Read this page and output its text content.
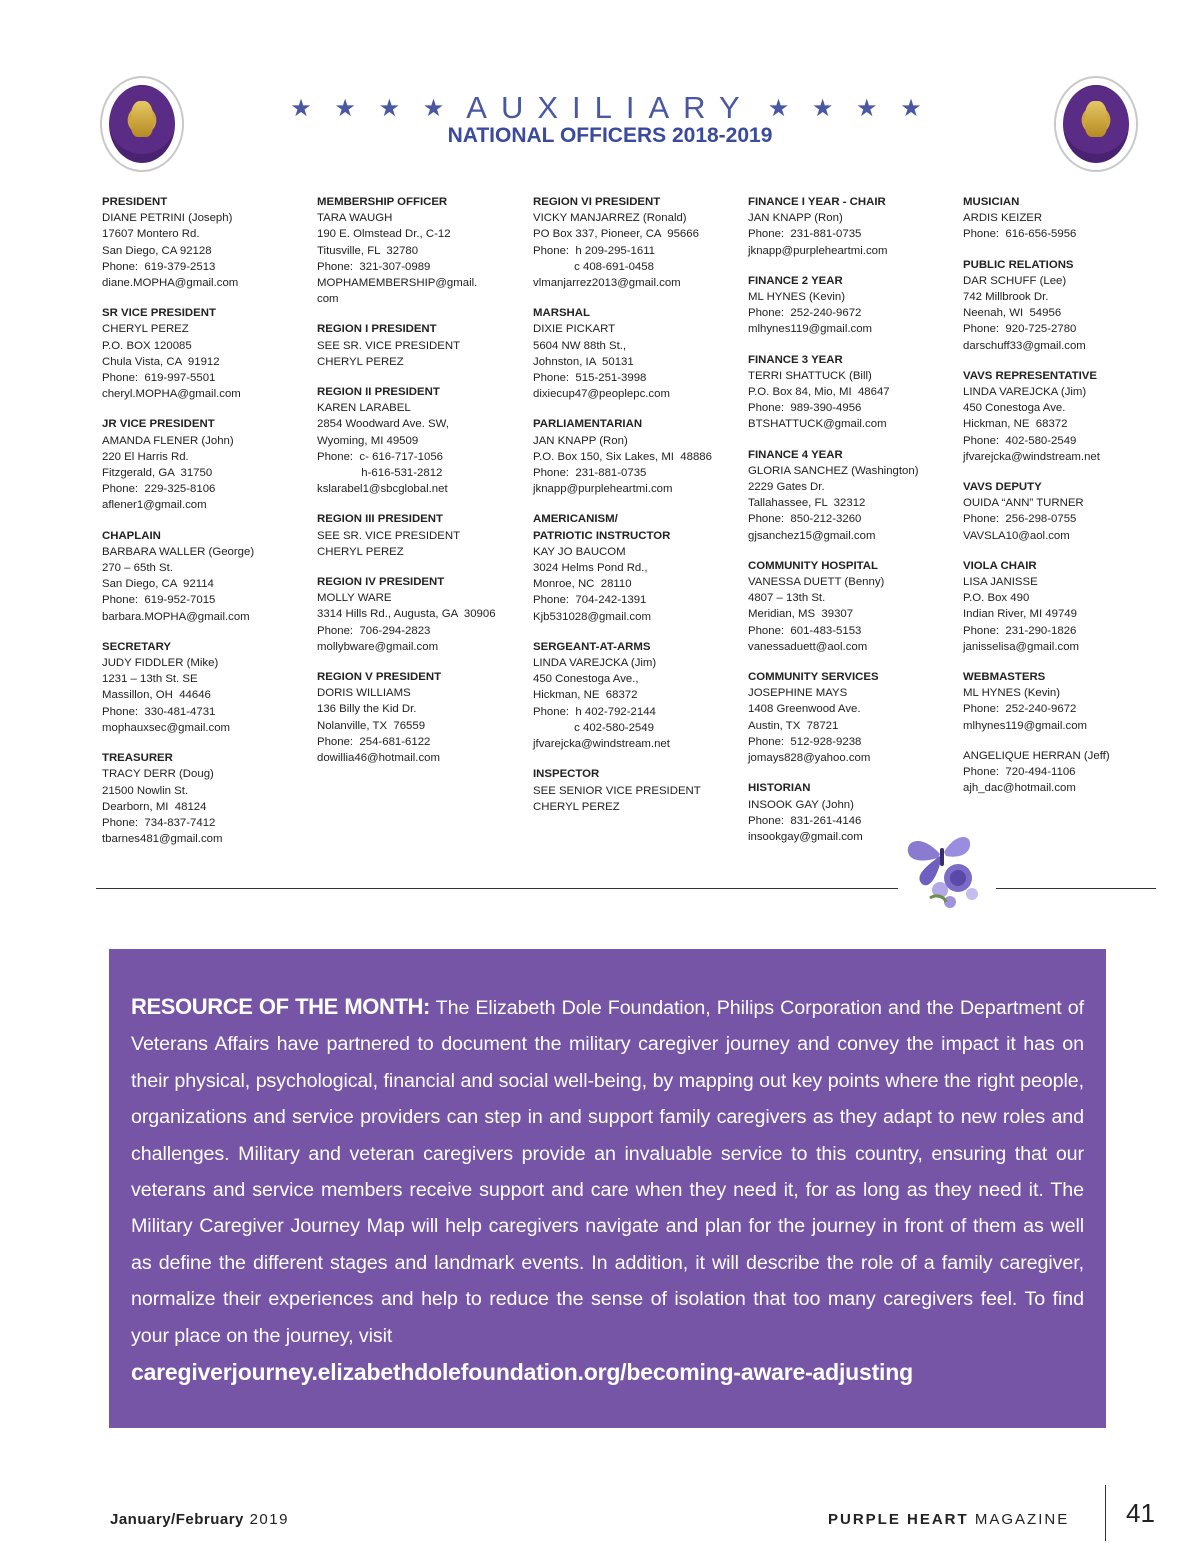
★ ★ ★ ★ AUXILIARY ★ ★ ★ ★
NATIONAL OFFICERS 2018-2019
PRESIDENT
DIANE PETRINI (Joseph)
17607 Montero Rd.
San Diego, CA 92128
Phone:  619-379-2513
diane.MOPHA@gmail.com
SR VICE PRESIDENT
CHERYL PEREZ
P.O. BOX 120085
Chula Vista, CA  91912
Phone:  619-997-5501
cheryl.MOPHA@gmail.com
JR VICE PRESIDENT
AMANDA FLENER (John)
220 El Harris Rd.
Fitzgerald, GA  31750
Phone:  229-325-8106
aflener1@gmail.com
CHAPLAIN
BARBARA WALLER (George)
270 – 65th St.
San Diego, CA  92114
Phone:  619-952-7015
barbara.MOPHA@gmail.com
SECRETARY
JUDY FIDDLER (Mike)
1231 – 13th St. SE
Massillon, OH  44646
Phone:  330-481-4731
mophauxsec@gmail.com
TREASURER
TRACY DERR (Doug)
21500 Nowlin St.
Dearborn, MI  48124
Phone:  734-837-7412
tbarnes481@gmail.com
MEMBERSHIP OFFICER
TARA WAUGH
190 E. Olmstead Dr., C-12
Titusville, FL  32780
Phone:  321-307-0989
MOPHAMEMBERSHIP@gmail.
com
REGION I PRESIDENT
SEE SR. VICE PRESIDENT
CHERYL PEREZ
REGION II PRESIDENT
KAREN LARABEL
2854 Woodward Ave. SW,
Wyoming, MI 49509
Phone:  c- 616-717-1056
h-616-531-2812
kslarabel1@sbcglobal.net
REGION III PRESIDENT
SEE SR. VICE PRESIDENT
CHERYL PEREZ
REGION IV PRESIDENT
MOLLY WARE
3314 Hills Rd., Augusta, GA  30906
Phone:  706-294-2823
mollybware@gmail.com
REGION V PRESIDENT
DORIS WILLIAMS
136 Billy the Kid Dr.
Nolanville, TX  76559
Phone:  254-681-6122
dowillia46@hotmail.com
REGION VI PRESIDENT
VICKY MANJARREZ (Ronald)
PO Box 337, Pioneer, CA  95666
Phone:  h 209-295-1611
c 408-691-0458
vlmanjarrez2013@gmail.com
MARSHAL
DIXIE PICKART
5604 NW 88th St.,
Johnston, IA  50131
Phone:  515-251-3998
dixiecup47@peoplepc.com
PARLIAMENTARIAN
JAN KNAPP (Ron)
P.O. Box 150, Six Lakes, MI  48886
Phone:  231-881-0735
jknapp@purpleheartmi.com
AMERICANISM/
PATRIOTIC INSTRUCTOR
KAY JO BAUCOM
3024 Helms Pond Rd.,
Monroe, NC  28110
Phone:  704-242-1391
Kjb531028@gmail.com
SERGEANT-AT-ARMS
LINDA VAREJCKA (Jim)
450 Conestoga Ave.,
Hickman, NE  68372
Phone:  h 402-792-2144
c 402-580-2549
jfvarejcka@windstream.net
INSPECTOR
SEE SENIOR VICE PRESIDENT
CHERYL PEREZ
FINANCE I YEAR - CHAIR
JAN KNAPP (Ron)
Phone:  231-881-0735
jknapp@purpleheartmi.com
FINANCE 2 YEAR
ML HYNES (Kevin)
Phone:  252-240-9672
mlhynes119@gmail.com
FINANCE 3 YEAR
TERRI SHATTUCK (Bill)
P.O. Box 84, Mio, MI  48647
Phone:  989-390-4956
BTSHATTUCK@gmail.com
FINANCE 4 YEAR
GLORIA SANCHEZ (Washington)
2229 Gates Dr.
Tallahassee, FL  32312
Phone:  850-212-3260
gjsanchez15@gmail.com
COMMUNITY HOSPITAL
VANESSA DUETT (Benny)
4807 – 13th St.
Meridian, MS  39307
Phone:  601-483-5153
vanessaduett@aol.com
COMMUNITY SERVICES
JOSEPHINE MAYS
1408 Greenwood Ave.
Austin, TX  78721
Phone:  512-928-9238
jomays828@yahoo.com
HISTORIAN
INSOOK GAY (John)
Phone:  831-261-4146
insookgay@gmail.com
MUSICIAN
ARDIS KEIZER
Phone:  616-656-5956
PUBLIC RELATIONS
DAR SCHUFF (Lee)
742 Millbrook Dr.
Neenah, WI  54956
Phone:  920-725-2780
darschuff33@gmail.com
VAVS REPRESENTATIVE
LINDA VAREJCKA (Jim)
450 Conestoga Ave.
Hickman, NE  68372
Phone:  402-580-2549
jfvarejcka@windstream.net
VAVS DEPUTY
OUIDA “ANN” TURNER
Phone:  256-298-0755
VAVSLA10@aol.com
VIOLA CHAIR
LISA JANISSE
P.O. Box 490
Indian River, MI 49749
Phone:  231-290-1826
janisselisa@gmail.com
WEBMASTERS
ML HYNES (Kevin)
Phone:  252-240-9672
mlhynes119@gmail.com
ANGELIQUE HERRAN (Jeff)
Phone:  720-494-1106
ajh_dac@hotmail.com

RESOURCE OF THE MONTH: The Elizabeth Dole Foundation, Philips Corporation and the Department of Veterans Affairs have partnered to document the military caregiver journey and convey the impact it has on their physical, psychological, financial and social well-being, by mapping out key points where the right people, organizations and service providers can step in and support family caregivers as they adapt to new roles and challenges. Military and veteran caregivers provide an invaluable service to this country, ensuring that our veterans and service members receive support and care when they need it, for as long as they need it. The Military Caregiver Journey Map will help caregivers navigate and plan for the journey in front of them as well as define the different stages and landmark events. In addition, it will describe the role of a family caregiver, normalize their experiences and help to reduce the sense of isolation that too many caregivers feel. To find your place on the journey, visit
caregiverjourney.elizabethdolefoundation.org/becoming-aware-adjusting

January/February 2019	PURPLE HEART MAGAZINE 41
